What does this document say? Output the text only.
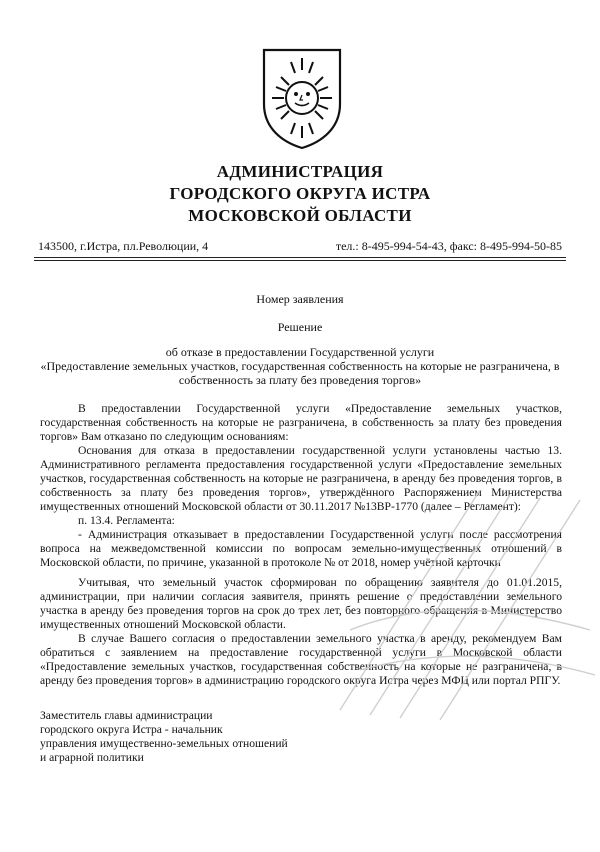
АДМИНИСТРАЦИЯ
ГОРОДСКОГО ОКРУГА ИСТРА
МОСКОВСКОЙ ОБЛАСТИ
143500, г.Истра, пл.Революции, 4	тел.: 8-495-994-54-43, факс: 8-495-994-50-85
Номер заявления
Решение
об отказе в предоставлении Государственной услуги
«Предоставление земельных участков, государственная собственность на которые не разграничена, в
собственность за плату без проведения торгов»

В предоставлении Государственной услуги «Предоставление земельных участков, государственная собственность на которые не разграничена, в собственность за плату без проведения торгов» Вам отказано по следующим основаниям:

Основания для отказа в предоставлении государственной услуги установлены частью 13. Административного регламента предоставления государственной услуги «Предоставление земельных участков, государственная собственность на которые не разграничена, в аренду без проведения торгов, в собственность за плату без проведения торгов», утверждённого Распоряжением Министерства имущественных отношений Московской области от 30.11.2017 №13ВР-1770 (далее – Регламент):

п. 13.4. Регламента:

- Администрация отказывает в предоставлении Государственной услуги после рассмотрения вопроса на межведомственной комиссии по вопросам земельно-имущественных отношений в Московской области, по причине, указанной в протоколе № от 2018, номер учётной карточки

Учитывая, что земельный участок сформирован по обращению заявителя до 01.01.2015, администрации, при наличии согласия заявителя, принять решение о предоставлении земельного участка в аренду без проведения торгов на срок до трех лет, без повторного обращения в Министерство имущественных отношений Московской области.

В случае Вашего согласия о предоставлении земельного участка в аренду, рекомендуем Вам обратиться с заявлением на предоставление государственной услуги в Московской области «Предоставление земельных участков, государственная собственность на которые не разграничена, в аренду без проведения торгов» в администрацию городского округа Истра через МФЦ или портал РПГУ.

Заместитель главы администрации
городского округа Истра - начальник
управления имущественно-земельных отношений
и аграрной политики
